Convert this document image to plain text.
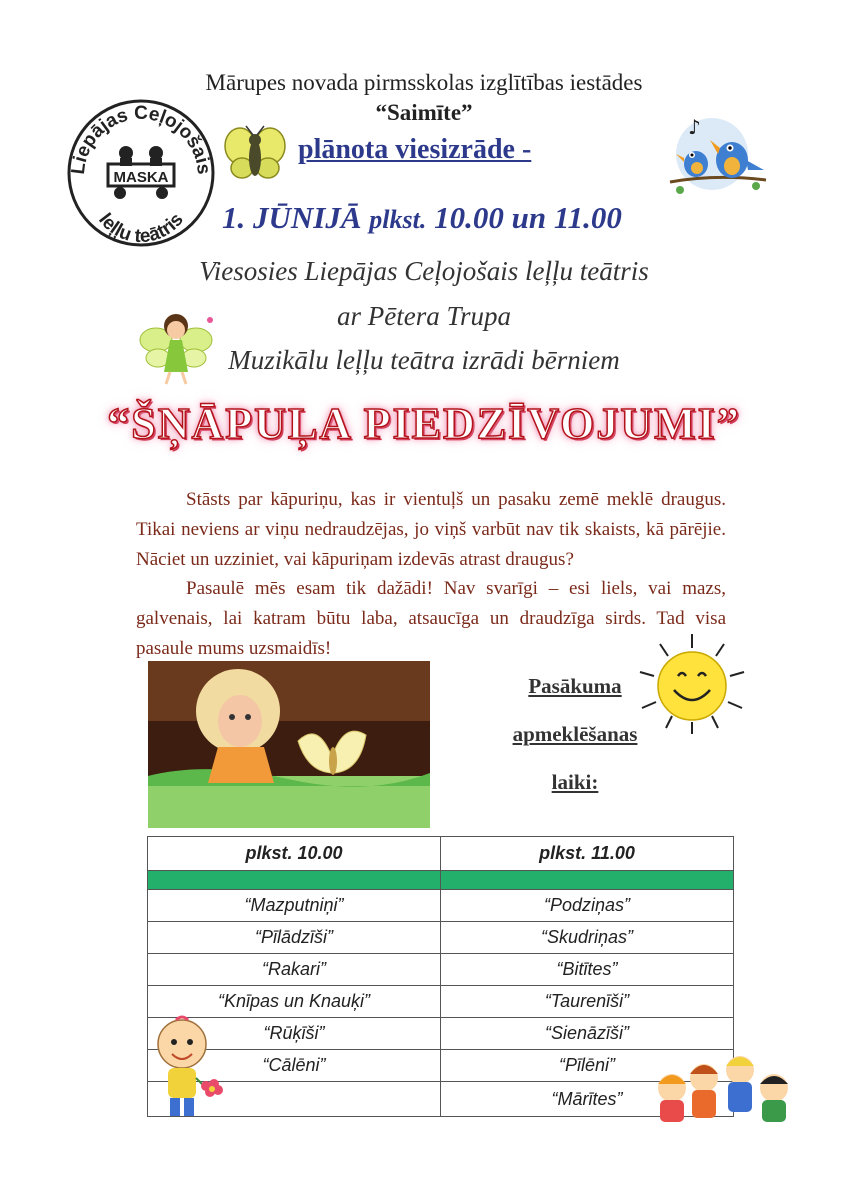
Liepājas Ceļojošais
leļļu teātris
MASKA
♪
Mārupes novada pirmsskolas izglītības iestādes
“Saimīte”
plānota viesizrāde -
1. JŪNIJĀ plkst. 10.00 un 11.00
Viesosies Liepājas Ceļojošais leļļu teātris
ar Pētera Trupa
Muzikālu leļļu teātra izrādi bērniem
“ŠŅĀPUĻA PIEDZĪVOJUMI”
Stāsts par kāpuriņu, kas ir vientuļš un pasaku zemē meklē draugus. Tikai neviens ar viņu nedraudzējas, jo viņš varbūt nav tik skaists, kā pārējie. Nāciet un uzziniet, vai kāpuriņam izdevās atrast draugus?
Pasaulē mēs esam tik dažādi! Nav svarīgi – esi liels, vai mazs, galvenais, lai katram būtu laba, atsaucīga un draudzīga sirds. Tad visa pasaule mums uzsmaidīs!
Pasākuma
apmeklēšanas
laiki:
plkst. 10.00	plkst. 11.00

“Mazputniņi”	“Podziņas”
“Pīlādzīši”	“Skudriņas”
“Rakari”	“Bitītes”
“Knīpas un Knauķi”	“Taurenīši”
“Rūķīši”	“Sienāzīši”
“Cālēni”	“Pīlēni”
	“Mārītes”
